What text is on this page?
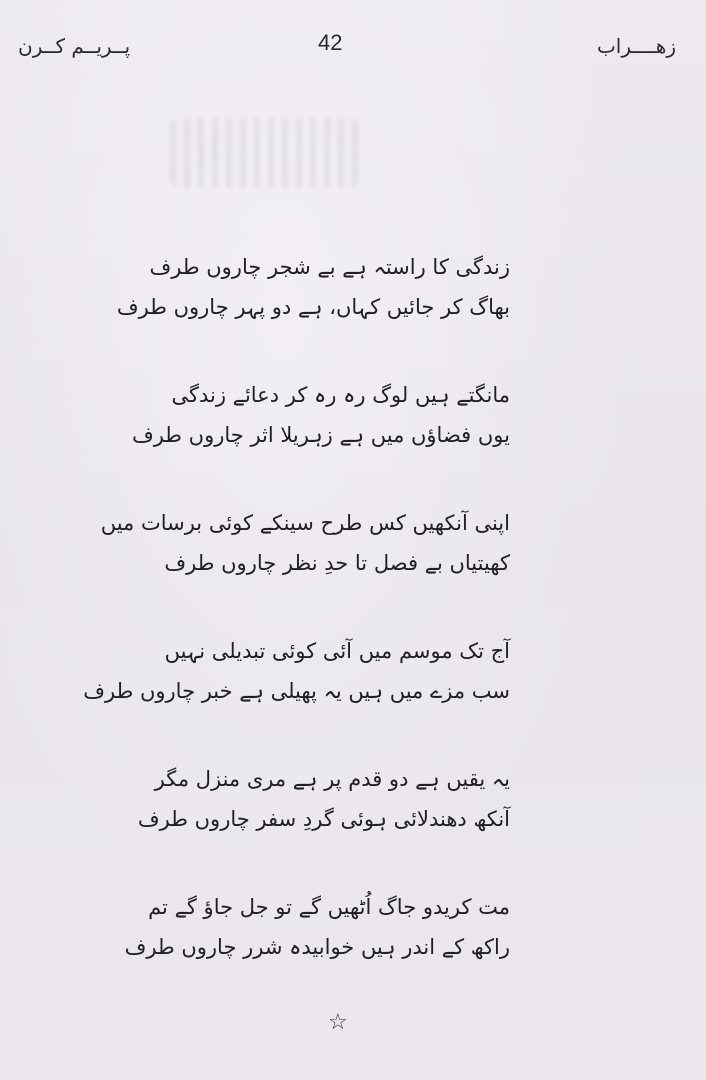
پــریــم کــرن	42	زھــــراب
زندگی کا راستہ ہے بے شجر چاروں طرف
بھاگ کر جائیں کہاں، ہے دو پہر چاروں طرف
مانگتے ہیں لوگ رہ رہ کر دعائے زندگی
یوں فضاؤں میں ہے زہریلا اثر چاروں طرف
اپنی آنکھیں کس طرح سینکے کوئی برسات میں
کھیتیاں بے فصل تا حدِ نظر چاروں طرف
آج تک موسم میں آئی کوئی تبدیلی نہیں
سب مزے میں ہیں یہ پھیلی ہے خبر چاروں طرف
یہ یقیں ہے دو قدم پر ہے مری منزل مگر
آنکھ دھندلائی ہوئی گردِ سفر چاروں طرف
مت کریدو جاگ اُٹھیں گے تو جل جاؤ گے تم
راکھ کے اندر ہیں خوابیدہ شرر چاروں طرف
☆
